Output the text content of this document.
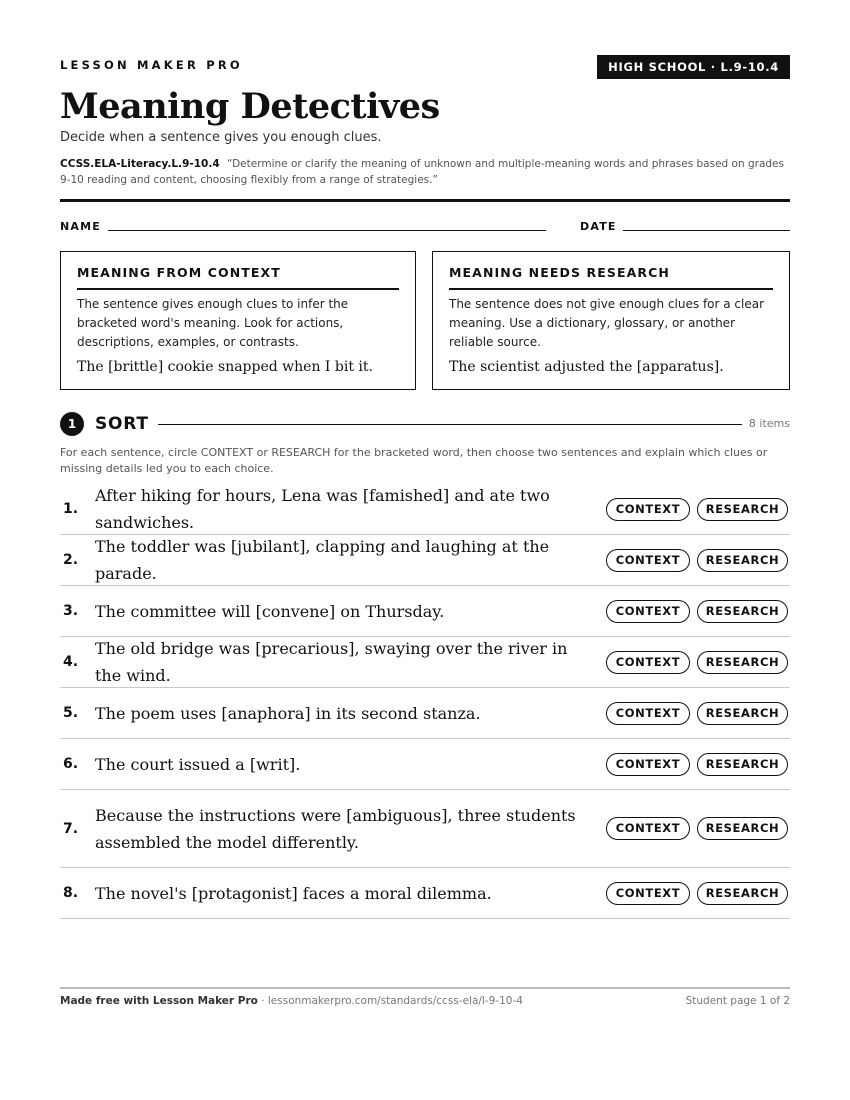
LESSON MAKER PRO	HIGH SCHOOL · L.9-10.4
Meaning Detectives
Decide when a sentence gives you enough clues.
CCSS.ELA-Literacy.L.9-10.4 “Determine or clarify the meaning of unknown and multiple-meaning words and phrases based on grades 9-10 reading and content, choosing flexibly from a range of strategies.”
NAME	DATE
MEANING FROM CONTEXT
The sentence gives enough clues to infer the bracketed word's meaning. Look for actions, descriptions, examples, or contrasts.
The [brittle] cookie snapped when I bit it.
MEANING NEEDS RESEARCH
The sentence does not give enough clues for a clear meaning. Use a dictionary, glossary, or another reliable source.
The scientist adjusted the [apparatus].
1	SORT	8 items
For each sentence, circle CONTEXT or RESEARCH for the bracketed word, then choose two sentences and explain which clues or missing details led you to each choice.
1.
After hiking for hours, Lena was [famished] and ate two sandwiches.
CONTEXT	RESEARCH
2.
The toddler was [jubilant], clapping and laughing at the parade.
CONTEXT	RESEARCH
3. The committee will [convene] on Thursday.	CONTEXT	RESEARCH
4.
The old bridge was [precarious], swaying over the river in the wind.
CONTEXT	RESEARCH
5. The poem uses [anaphora] in its second stanza.	CONTEXT	RESEARCH
6. The court issued a [writ].	CONTEXT	RESEARCH
7.
Because the instructions were [ambiguous], three students assembled the model differently.
CONTEXT	RESEARCH
8. The novel's [protagonist] faces a moral dilemma.	CONTEXT	RESEARCH
Made free with Lesson Maker Pro · lessonmakerpro.com/standards/ccss-ela/l-9-10-4	Student page 1 of 2
